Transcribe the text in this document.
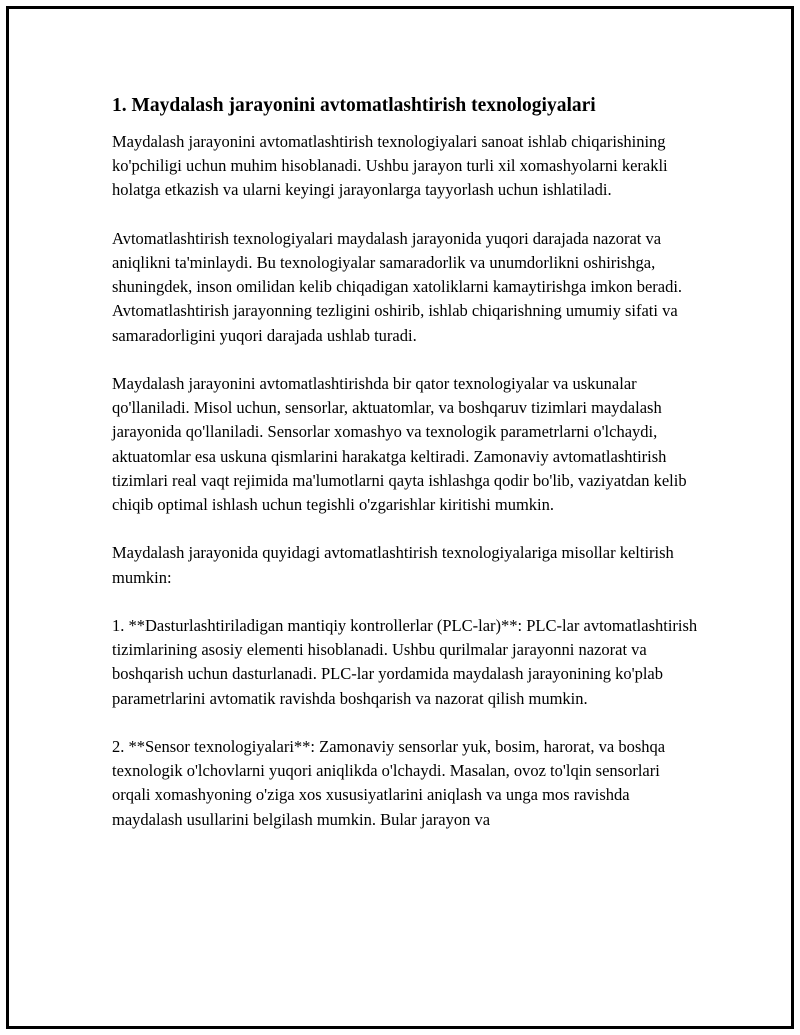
1. Maydalash jarayonini avtomatlashtirish texnologiyalari

Maydalash jarayonini avtomatlashtirish texnologiyalari sanoat ishlab chiqarishining ko'pchiligi uchun muhim hisoblanadi. Ushbu jarayon turli xil xomashyolarni kerakli holatga etkazish va ularni keyingi jarayonlarga tayyorlash uchun ishlatiladi.

Avtomatlashtirish texnologiyalari maydalash jarayonida yuqori darajada nazorat va aniqlikni ta'minlaydi. Bu texnologiyalar samaradorlik va unumdorlikni oshirishga, shuningdek, inson omilidan kelib chiqadigan xatoliklarni kamaytirishga imkon beradi. Avtomatlashtirish jarayonning tezligini oshirib, ishlab chiqarishning umumiy sifati va samaradorligini yuqori darajada ushlab turadi.

Maydalash jarayonini avtomatlashtirishda bir qator texnologiyalar va uskunalar qo'llaniladi. Misol uchun, sensorlar, aktuatomlar, va boshqaruv tizimlari maydalash jarayonida qo'llaniladi. Sensorlar xomashyo va texnologik parametrlarni o'lchaydi, aktuatomlar esa uskuna qismlarini harakatga keltiradi. Zamonaviy avtomatlashtirish tizimlari real vaqt rejimida ma'lumotlarni qayta ishlashga qodir bo'lib, vaziyatdan kelib chiqib optimal ishlash uchun tegishli o'zgarishlar kiritishi mumkin.

Maydalash jarayonida quyidagi avtomatlashtirish texnologiyalariga misollar keltirish mumkin:

1. **Dasturlashtiriladigan mantiqiy kontrollerlar (PLC-lar)**: PLC-lar avtomatlashtirish tizimlarining asosiy elementi hisoblanadi. Ushbu qurilmalar jarayonni nazorat va boshqarish uchun dasturlanadi. PLC-lar yordamida maydalash jarayonining ko'plab parametrlarini avtomatik ravishda boshqarish va nazorat qilish mumkin.

2. **Sensor texnologiyalari**: Zamonaviy sensorlar yuk, bosim, harorat, va boshqa texnologik o'lchovlarni yuqori aniqlikda o'lchaydi. Masalan, ovoz to'lqin sensorlari orqali xomashyoning o'ziga xos xususiyatlarini aniqlash va unga mos ravishda maydalash usullarini belgilash mumkin. Bular jarayon va
